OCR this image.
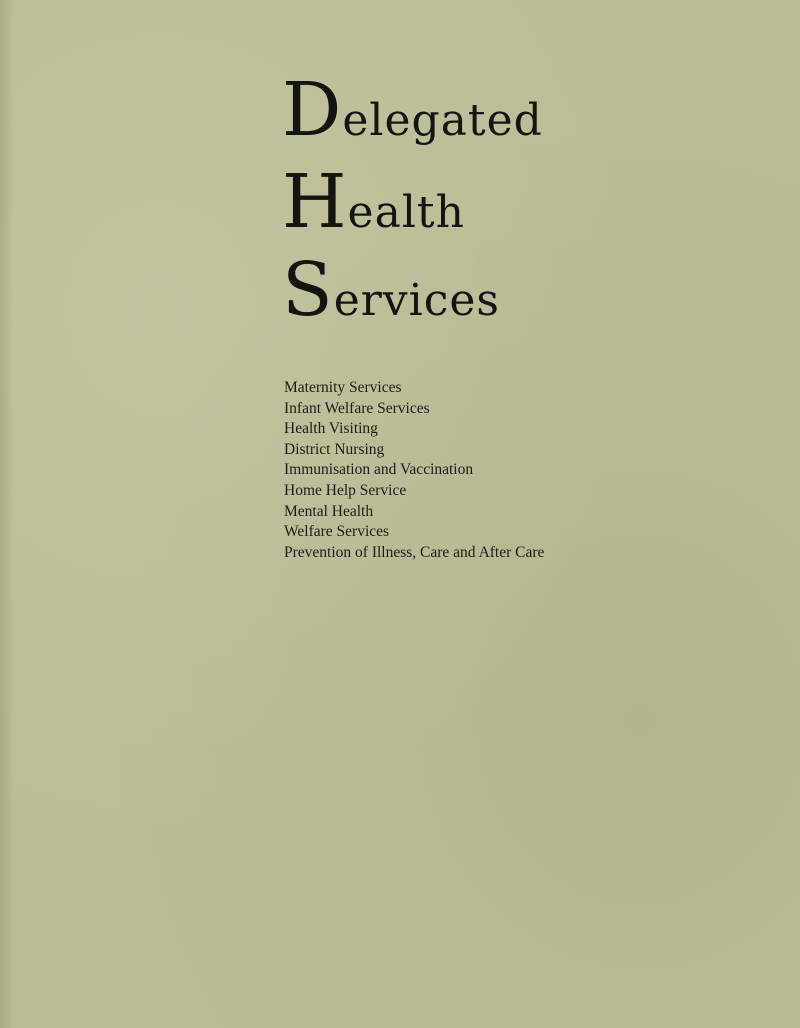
Delegated
Health
Services
Maternity Services
Infant Welfare Services
Health Visiting
District Nursing
Immunisation and Vaccination
Home Help Service
Mental Health
Welfare Services
Prevention of Illness, Care and After Care
